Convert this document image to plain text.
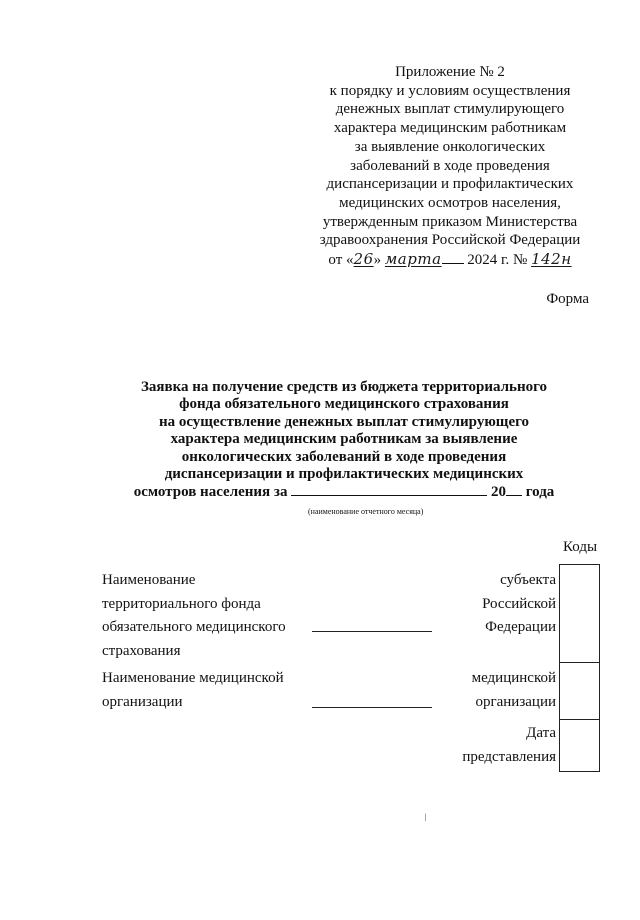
Приложение № 2
к порядку и условиям осуществления
денежных выплат стимулирующего
характера медицинским работникам
за выявление онкологических
заболеваний в ходе проведения
диспансеризации и профилактических
медицинских осмотров населения,
утвержденным приказом Министерства
здравоохранения Российской Федерации
от «26» марта 2024 г. № 142н
Форма
Заявка на получение средств из бюджета территориального
фонда обязательного медицинского страхования
на осуществление денежных выплат стимулирующего
характера медицинским работникам за выявление
онкологических заболеваний в ходе проведения
диспансеризации и профилактических медицинских
осмотров населения за	20 года
(наименование отчетного месяца)
Коды
Наименование
территориального фонда
обязательного медицинского
страхования
субъекта
Российской
Федерации
Наименование медицинской
организации
медицинской
организации
Дата
представления
/
